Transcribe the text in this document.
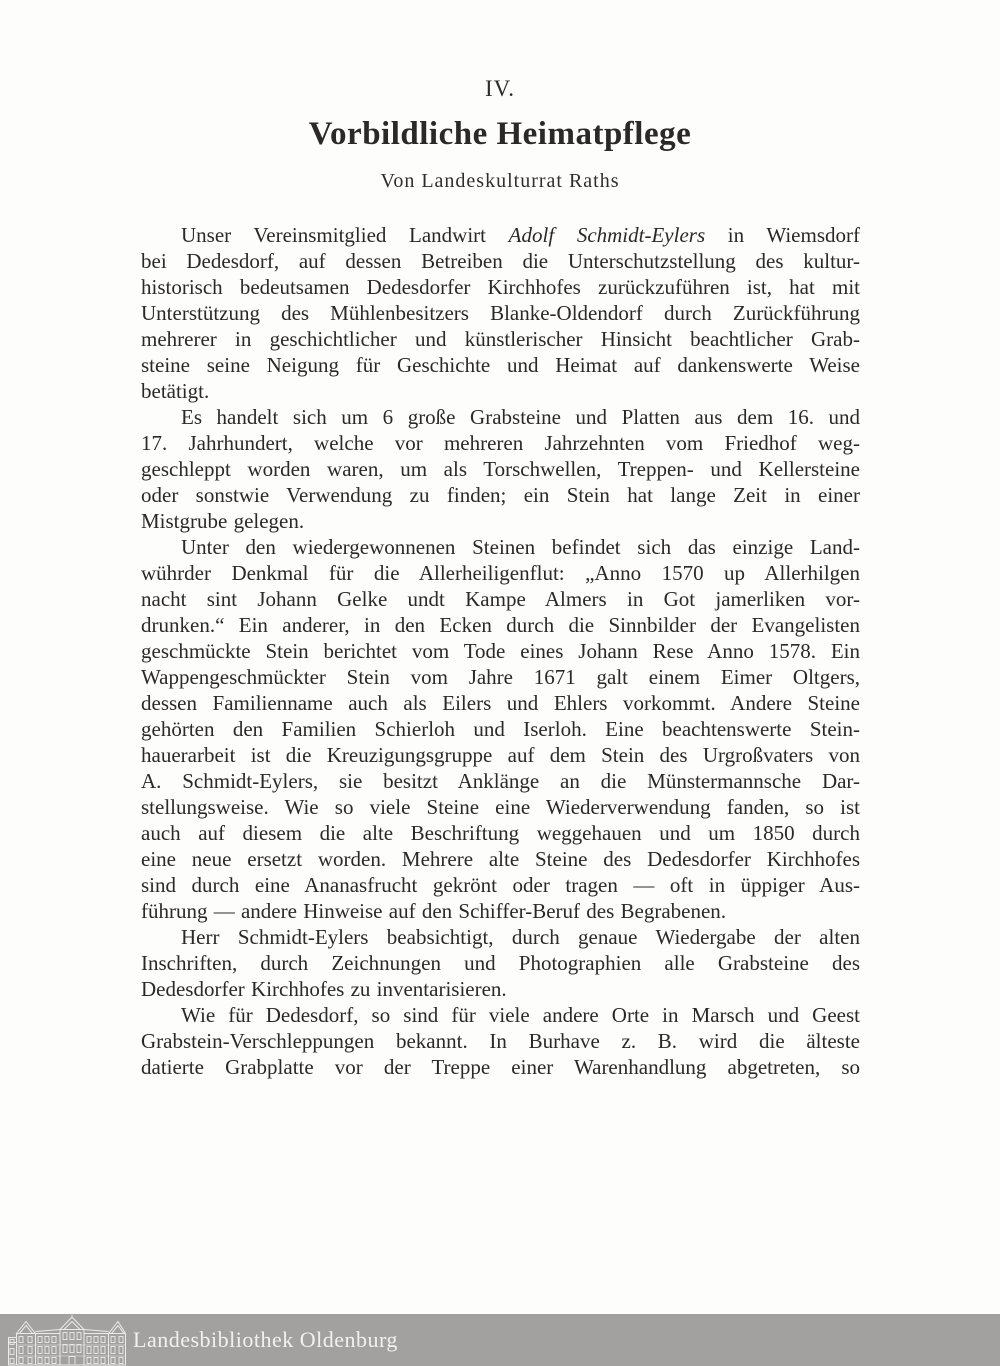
IV.
Vorbildliche Heimatpflege
Von Landeskulturrat Raths
Unser Vereinsmitglied Landwirt Adolf Schmidt-Eylers in Wiemsdorf
bei Dedesdorf, auf dessen Betreiben die Unterschutzstellung des kultur-
historisch bedeutsamen Dedesdorfer Kirchhofes zurückzuführen ist, hat mit
Unterstützung des Mühlenbesitzers Blanke-Oldendorf durch Zurückführung
mehrerer in geschichtlicher und künstlerischer Hinsicht beachtlicher Grab-
steine seine Neigung für Geschichte und Heimat auf dankenswerte Weise
betätigt.
Es handelt sich um 6 große Grabsteine und Platten aus dem 16. und
17. Jahrhundert, welche vor mehreren Jahrzehnten vom Friedhof weg-
geschleppt worden waren, um als Torschwellen, Treppen- und Kellersteine
oder sonstwie Verwendung zu finden; ein Stein hat lange Zeit in einer
Mistgrube gelegen.
Unter den wiedergewonnenen Steinen befindet sich das einzige Land-
wührder Denkmal für die Allerheiligenflut: „Anno 1570 up Allerhilgen
nacht sint Johann Gelke undt Kampe Almers in Got jamerliken vor-
drunken.“ Ein anderer, in den Ecken durch die Sinnbilder der Evangelisten
geschmückte Stein berichtet vom Tode eines Johann Rese Anno 1578. Ein
Wappengeschmückter Stein vom Jahre 1671 galt einem Eimer Oltgers,
dessen Familienname auch als Eilers und Ehlers vorkommt. Andere Steine
gehörten den Familien Schierloh und Iserloh. Eine beachtenswerte Stein-
hauerarbeit ist die Kreuzigungsgruppe auf dem Stein des Urgroßvaters von
A. Schmidt-Eylers, sie besitzt Anklänge an die Münstermannsche Dar-
stellungsweise. Wie so viele Steine eine Wiederverwendung fanden, so ist
auch auf diesem die alte Beschriftung weggehauen und um 1850 durch
eine neue ersetzt worden. Mehrere alte Steine des Dedesdorfer Kirchhofes
sind durch eine Ananasfrucht gekrönt oder tragen — oft in üppiger Aus-
führung — andere Hinweise auf den Schiffer-Beruf des Begrabenen.
Herr Schmidt-Eylers beabsichtigt, durch genaue Wiedergabe der alten
Inschriften, durch Zeichnungen und Photographien alle Grabsteine des
Dedesdorfer Kirchhofes zu inventarisieren.
Wie für Dedesdorf, so sind für viele andere Orte in Marsch und Geest
Grabstein-Verschleppungen bekannt. In Burhave z. B. wird die älteste
datierte Grabplatte vor der Treppe einer Warenhandlung abgetreten, so
Landesbibliothek Oldenburg
